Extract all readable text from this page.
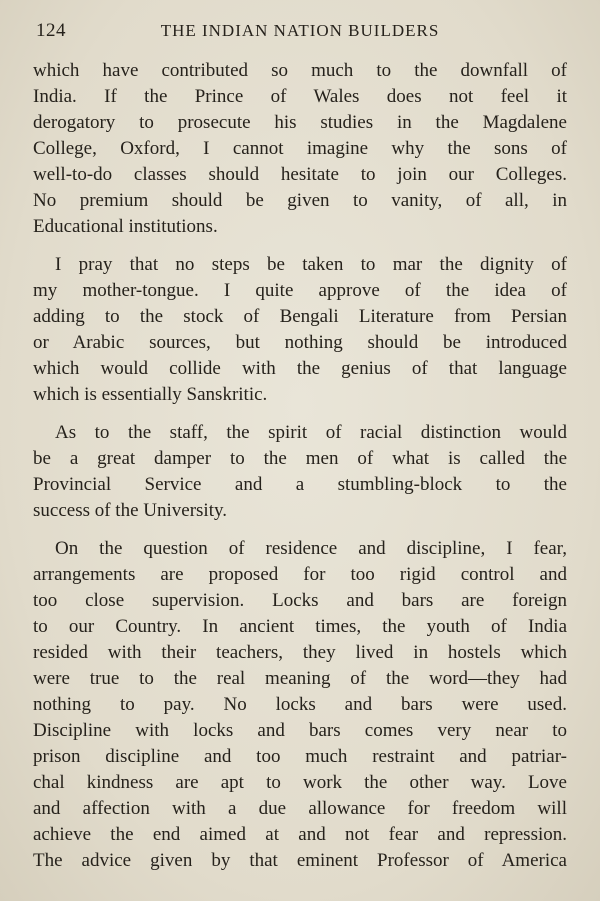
124	THE INDIAN NATION BUILDERS
which have contributed so much to the downfall of
India. If the Prince of Wales does not feel it
derogatory to prosecute his studies in the Magdalene
College, Oxford, I cannot imagine why the sons of
well-to-do classes should hesitate to join our Colleges.
No premium should be given to vanity, of all, in
Educational institutions.
I pray that no steps be taken to mar the dignity of
my mother-tongue. I quite approve of the idea of
adding to the stock of Bengali Literature from Persian
or Arabic sources, but nothing should be introduced
which would collide with the genius of that language
which is essentially Sanskritic.
As to the staff, the spirit of racial distinction would
be a great damper to the men of what is called the
Provincial Service and a stumbling-block to the
success of the University.
On the question of residence and discipline, I fear,
arrangements are proposed for too rigid control and
too close supervision. Locks and bars are foreign
to our Country. In ancient times, the youth of India
resided with their teachers, they lived in hostels which
were true to the real meaning of the word—they had
nothing to pay. No locks and bars were used.
Discipline with locks and bars comes very near to
prison discipline and too much restraint and patriar-
chal kindness are apt to work the other way. Love
and affection with a due allowance for freedom will
achieve the end aimed at and not fear and repression.
The advice given by that eminent Professor of America
